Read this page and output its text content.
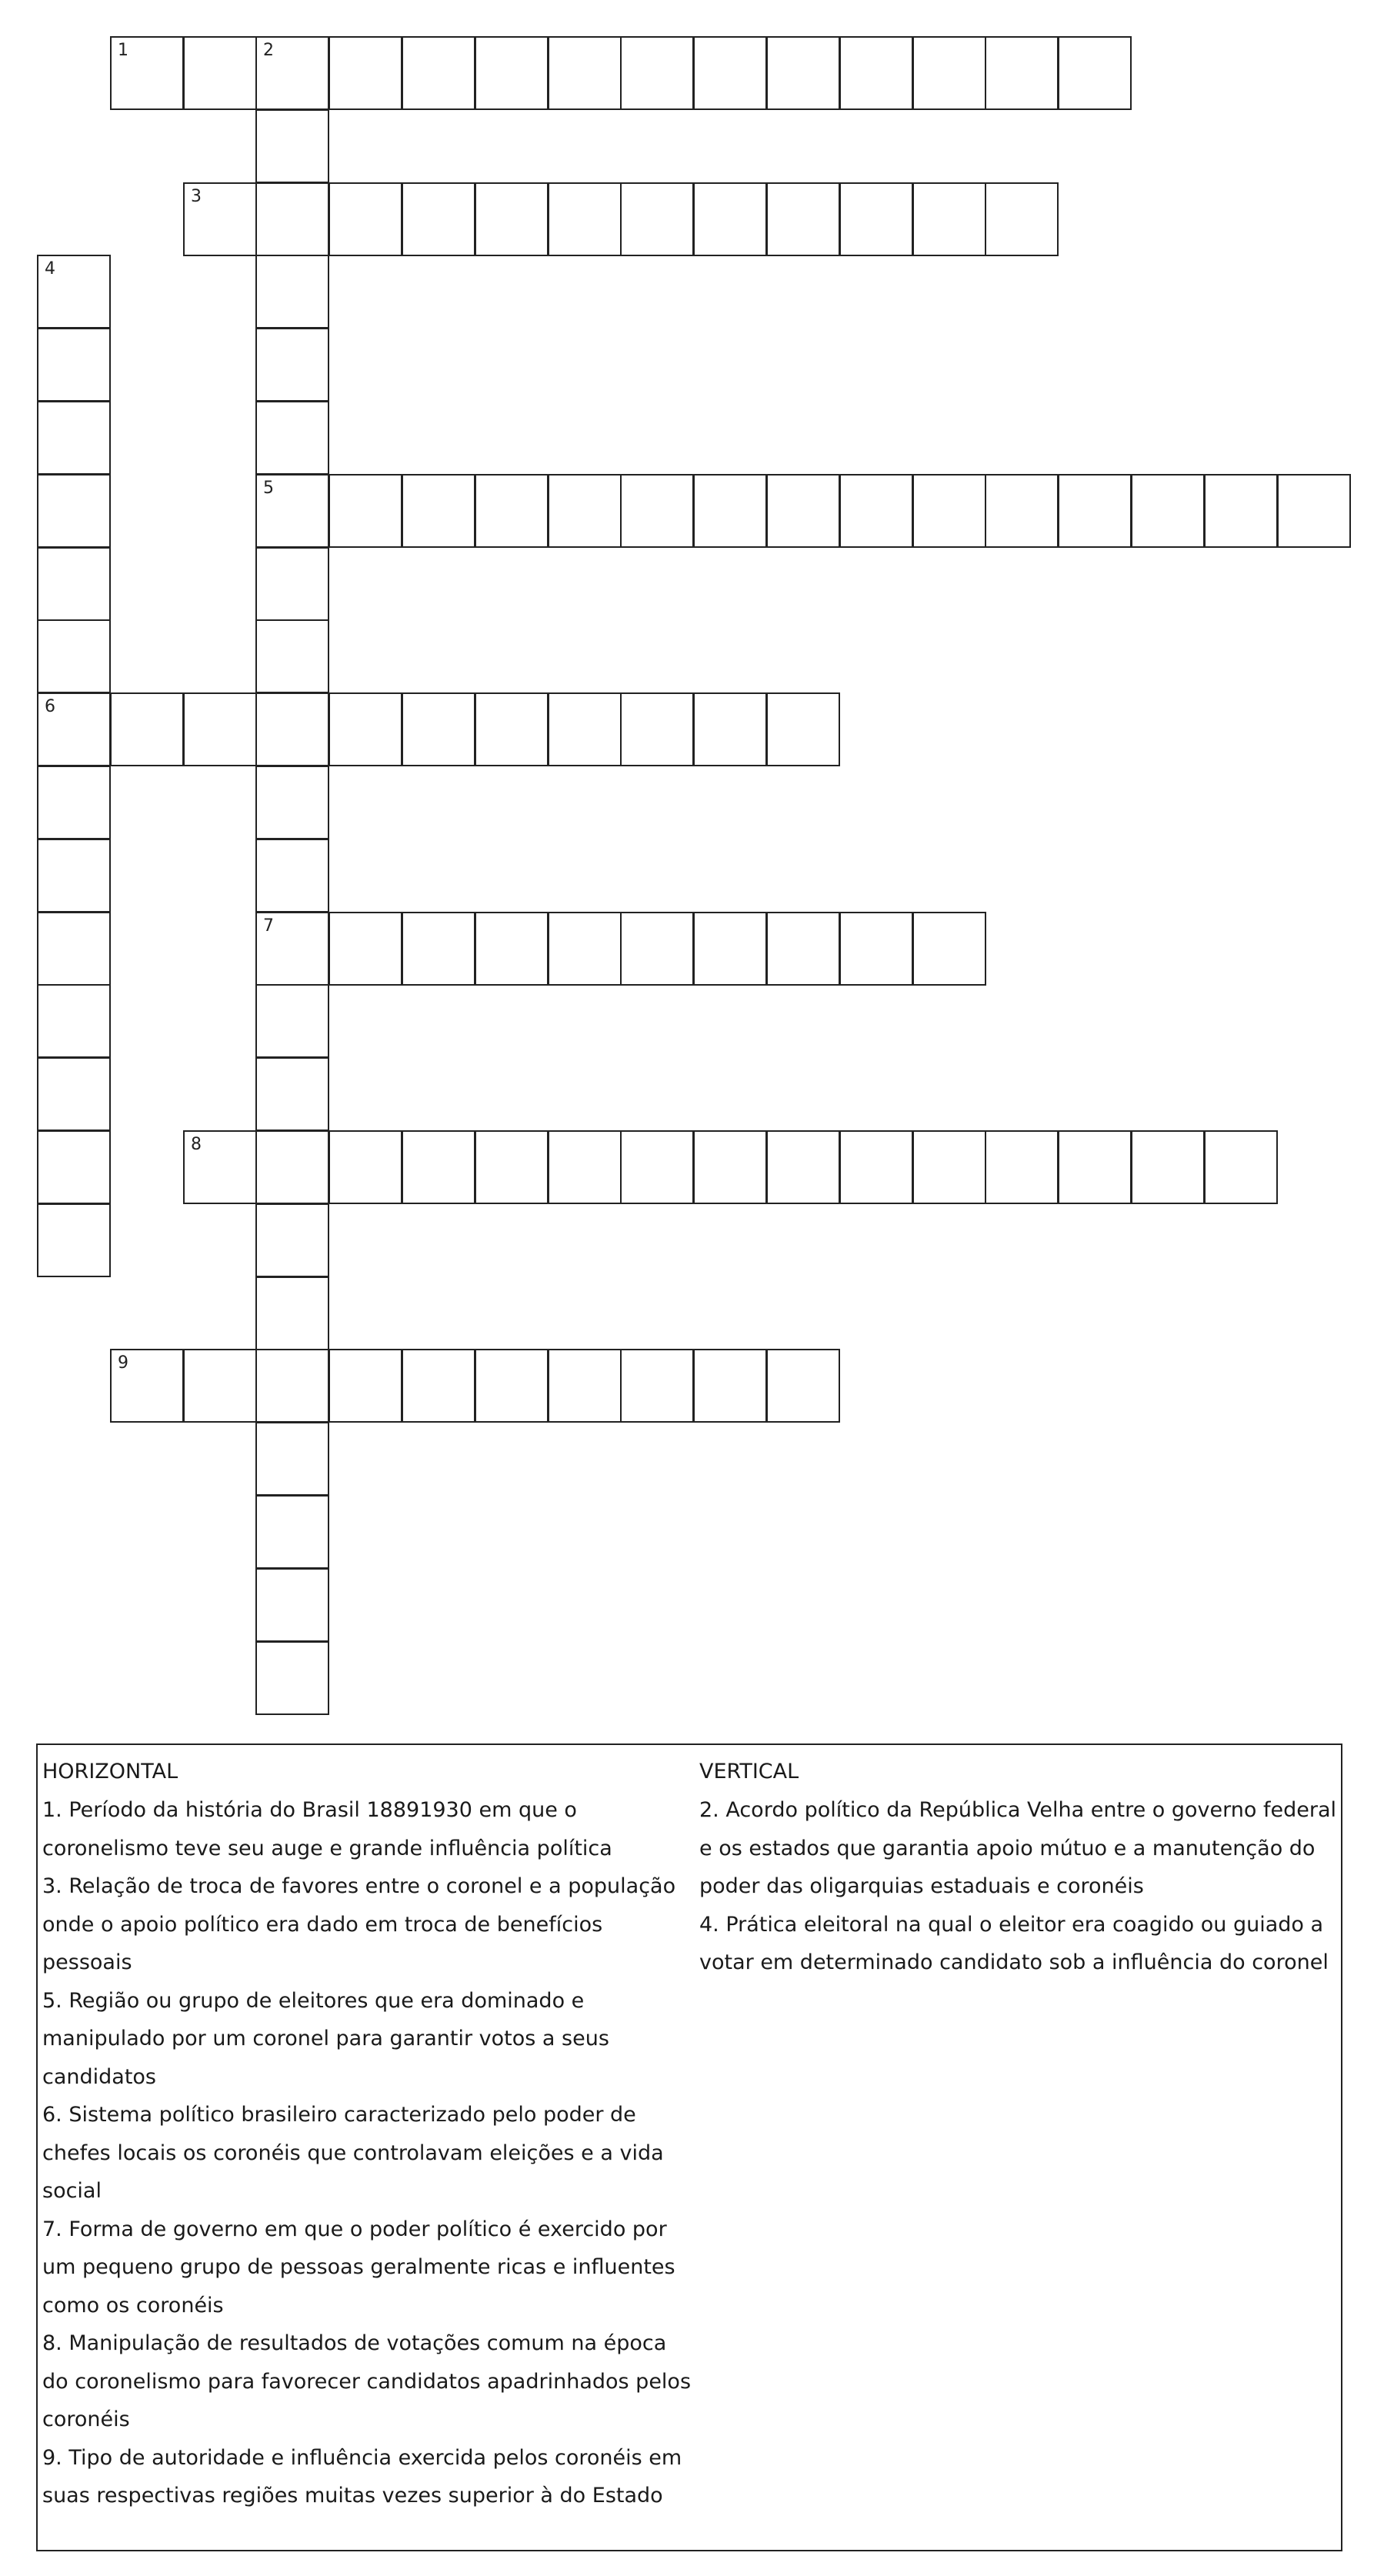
1	2
5
7
3
4
6
8
9
HORIZONTAL
1. Período da história do Brasil 18891930 em que o coronelismo teve seu auge e grande influência política
3. Relação de troca de favores entre o coronel e a população onde o apoio político era dado em troca de benefícios pessoais
5. Região ou grupo de eleitores que era dominado e manipulado por um coronel para garantir votos a seus candidatos
6. Sistema político brasileiro caracterizado pelo poder de chefes locais os coronéis que controlavam eleições e a vida social
7. Forma de governo em que o poder político é exercido por um pequeno grupo de pessoas geralmente ricas e influentes como os coronéis
8. Manipulação de resultados de votações comum na época do coronelismo para favorecer candidatos apadrinhados pelos coronéis
9. Tipo de autoridade e influência exercida pelos coronéis em suas respectivas regiões muitas vezes superior à do Estado
VERTICAL
2. Acordo político da República Velha entre o governo federal e os estados que garantia apoio mútuo e a manutenção do poder das oligarquias estaduais e coronéis
4. Prática eleitoral na qual o eleitor era coagido ou guiado a votar em determinado candidato sob a influência do coronel
